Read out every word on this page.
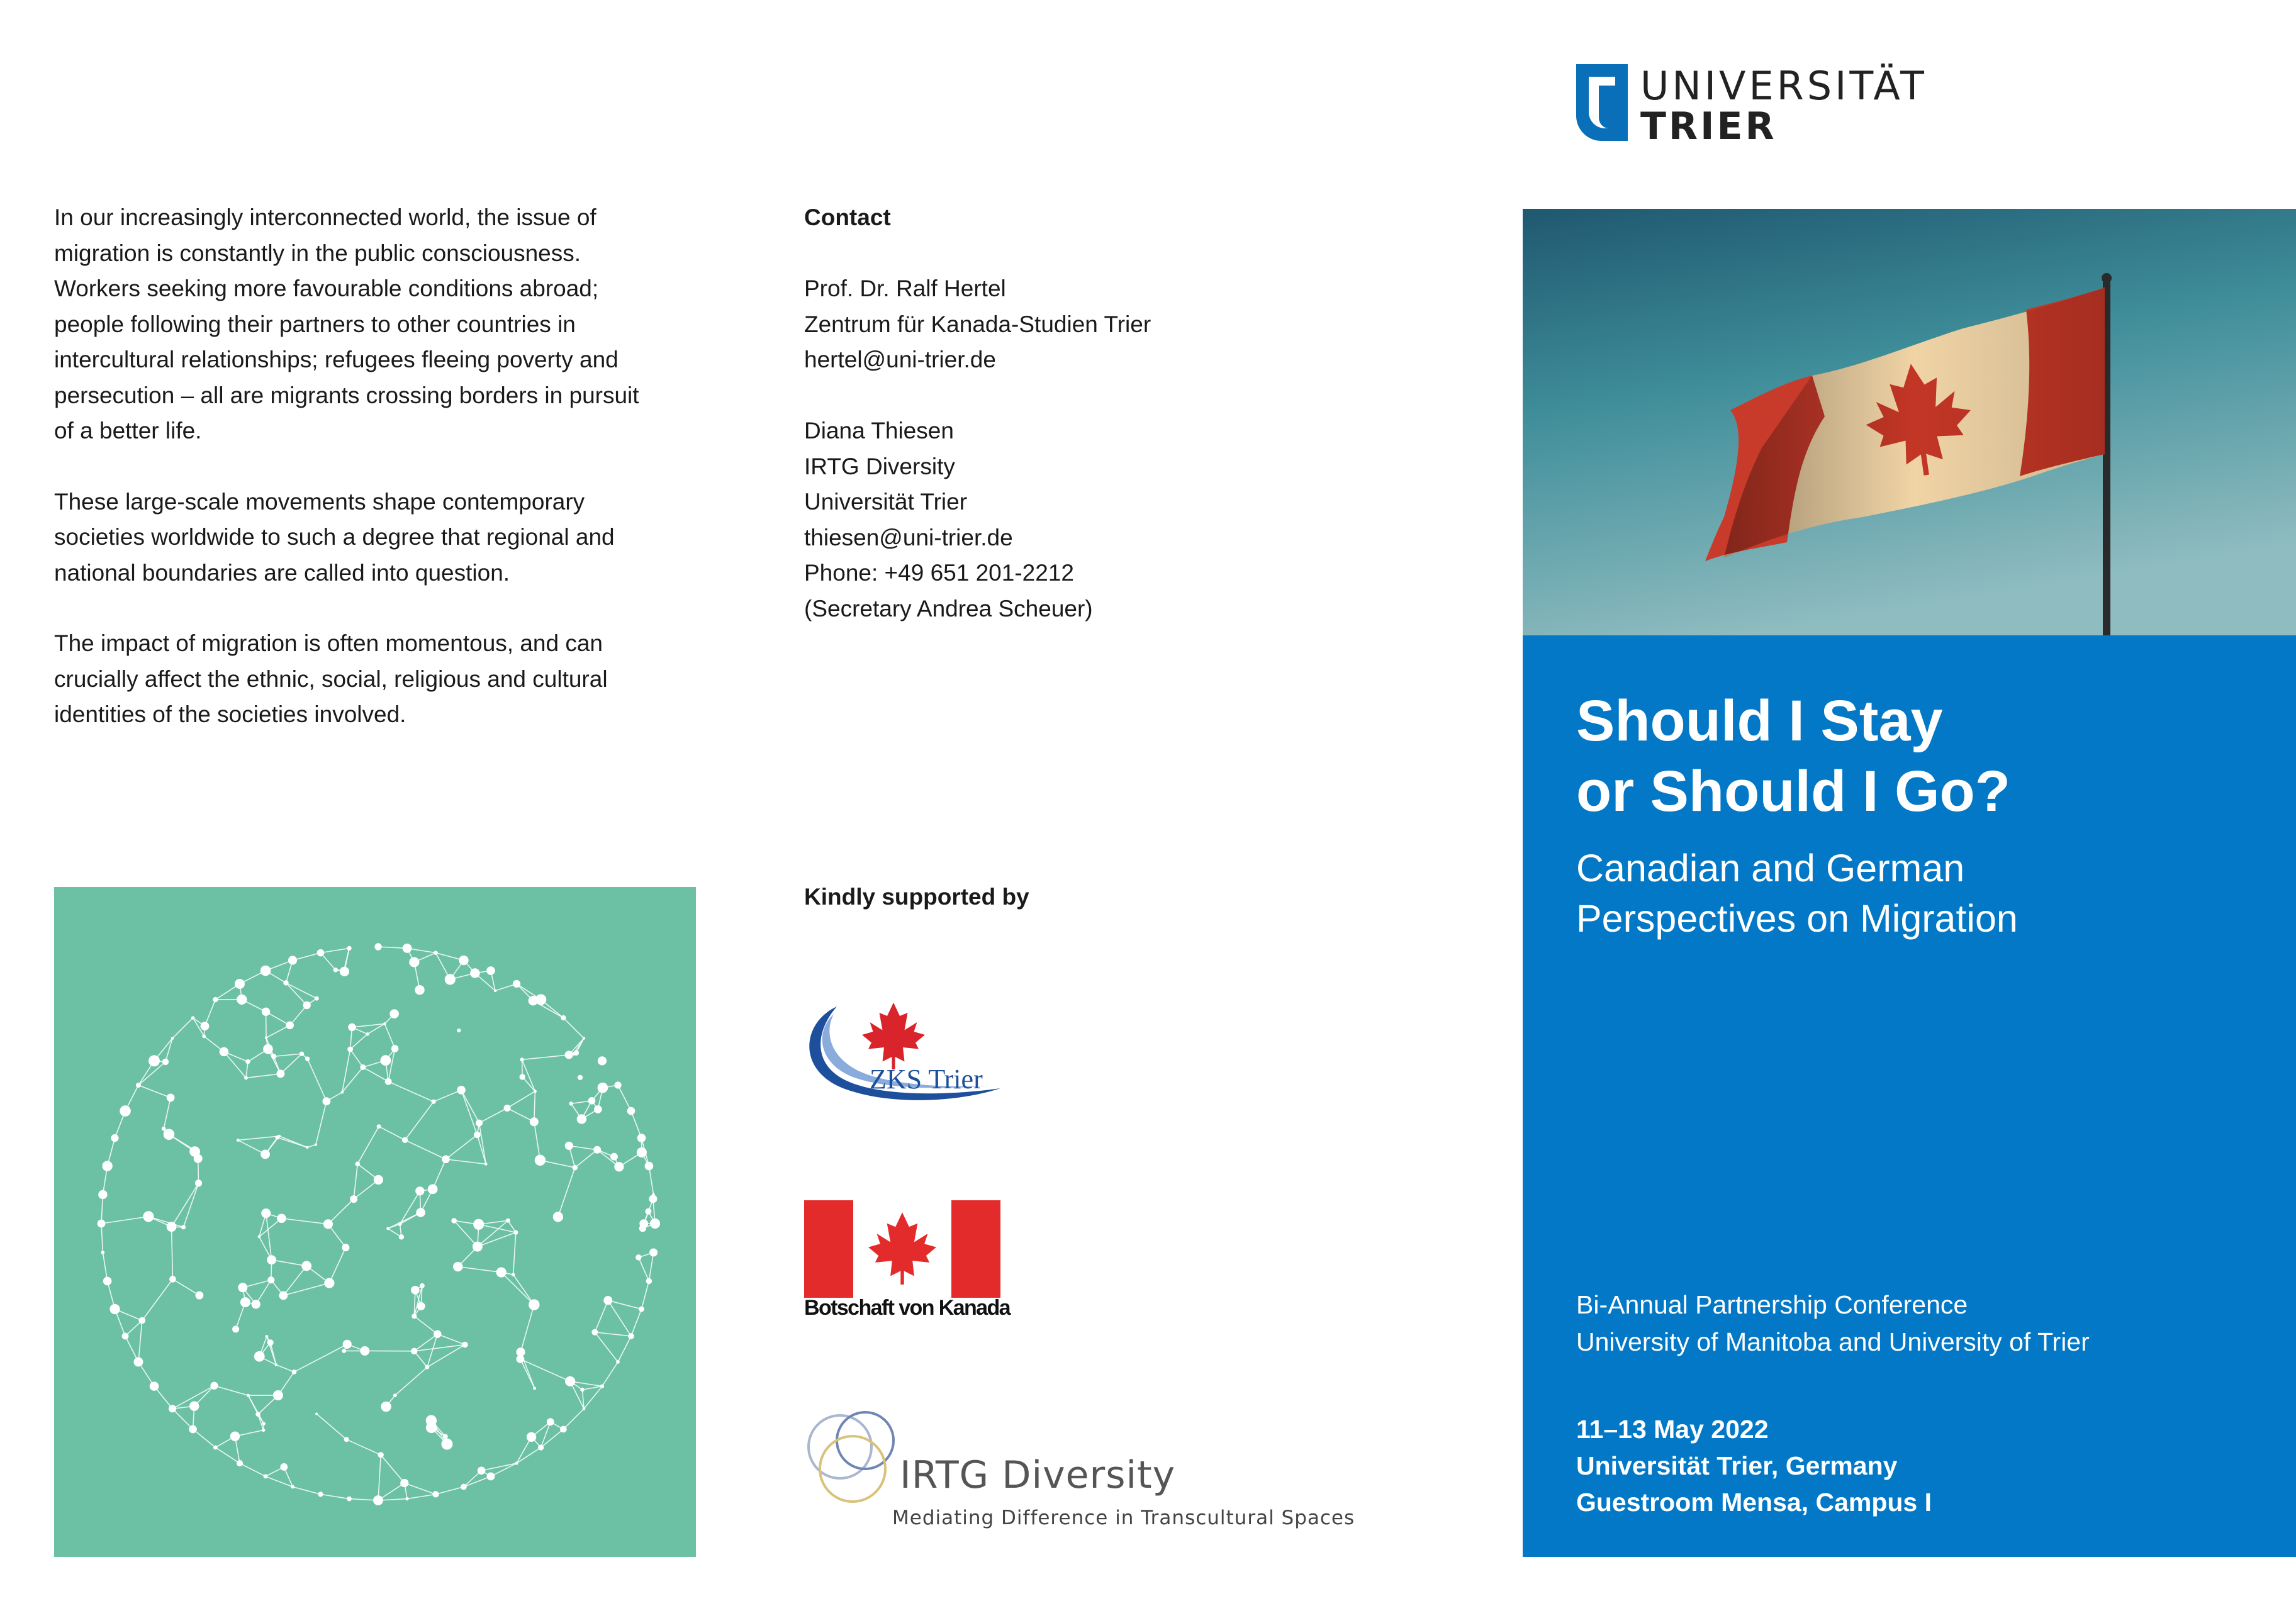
In our increasingly interconnected world, the issue of
migration is constantly in the public consciousness.
Workers seeking more favourable conditions abroad;
people following their partners to other countries in
intercultural relationships; refugees fleeing poverty and
persecution – all are migrants crossing borders in pursuit
of a better life.

These large-scale movements shape contemporary
societies worldwide to such a degree that regional and
national boundaries are called into question.

The impact of migration is often momentous, and can
crucially affect the ethnic, social, religious and cultural
identities of the societies involved.

Contact
Prof. Dr. Ralf Hertel
Zentrum für Kanada-Studien Trier
hertel@uni-trier.de
Diana Thiesen
IRTG Diversity
Universität Trier
thiesen@uni-trier.de
Phone: +49 651 201-2212
(Secretary Andrea Scheuer)
Kindly supported by
ZKS Trier
Botschaft von Kanada
IRTG Diversity
Mediating Difference in Transcultural Spaces
UNIVERSITÄT
TRIER
Should I Stay
or Should I Go?
Canadian and German
Perspectives on Migration
Bi-Annual Partnership Conference
University of Manitoba and University of Trier
11–13 May 2022
Universität Trier, Germany
Guestroom Mensa, Campus I
